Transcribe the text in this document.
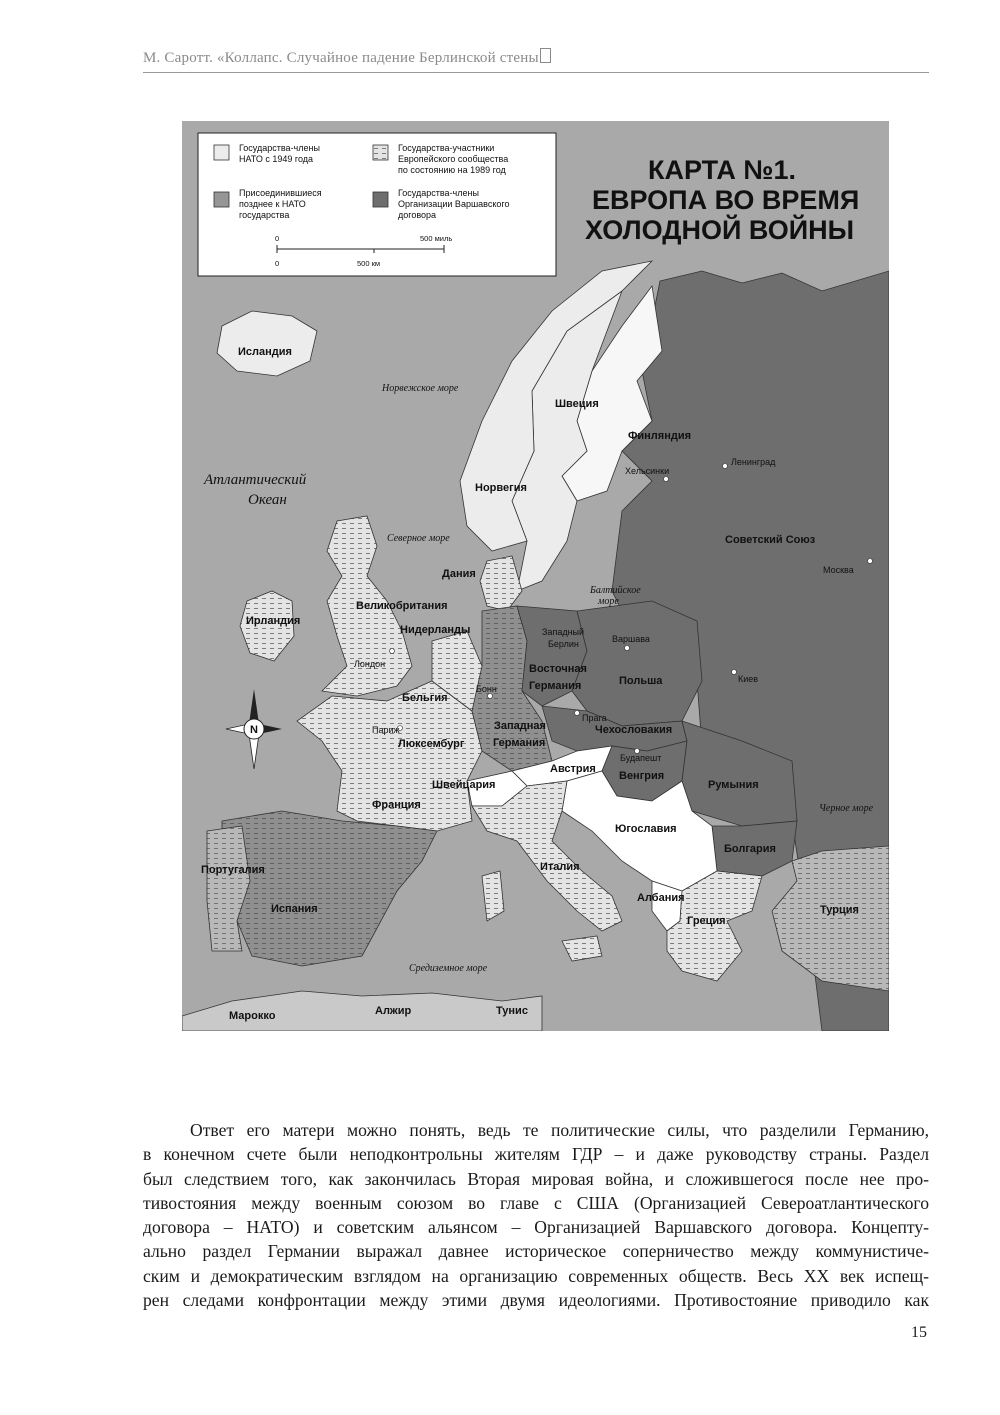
М. Саротт. «Коллапс. Случайное падение Берлинской стены
Государства-члены
НАТО с 1949 года
Присоединившиеся
позднее к НАТО
государства
Государства-участники
Европейского сообщества
по состоянию на 1989 год
Государства-члены
Организации Варшавского
договора
0	500 миль
0	500 км
КАРТА №1.
ЕВРОПА ВО ВРЕМЯ
ХОЛОДНОЙ ВОЙНЫ
Норвежское море
Атлантический
Океан
Северное море
Балтийское
море
Черное море
Средиземное море
Исландия
Швеция
Финляндия
Норвегия
Советский Союз
Дания
Великобритания
Ирландия
Нидерланды
Бельгия
Люксембург
Западная
Германия
Восточная
Германия
Западный
Берлин
Польша
Чехословакия
Австрия
Швейцария
Франция
Венгрия
Румыния
Югославия
Болгария
Италия
Португалия
Испания
Албания
Греция
Турция
Марокко	Алжир	Тунис
Хельсинки
Ленинград
Москва
Варшава
Киев
Лондон
Бонн
Париж
Прага
Будапешт
N
Ответ его матери можно понять, ведь те политические силы, что разделили Германию,
в конечном счете были неподконтрольны жителям ГДР – и даже руководству страны. Раздел
был следствием того, как закончилась Вторая мировая война, и сложившегося после нее про-
тивостояния между военным союзом во главе с США (Организацией Североатлантического
договора – НАТО) и советским альянсом – Организацией Варшавского договора. Концепту-
ально раздел Германии выражал давнее историческое соперничество между коммунистиче-
ским и демократическим взглядом на организацию современных обществ. Весь XX век испещ-
рен следами конфронтации между этими двумя идеологиями. Противостояние приводило как
15
